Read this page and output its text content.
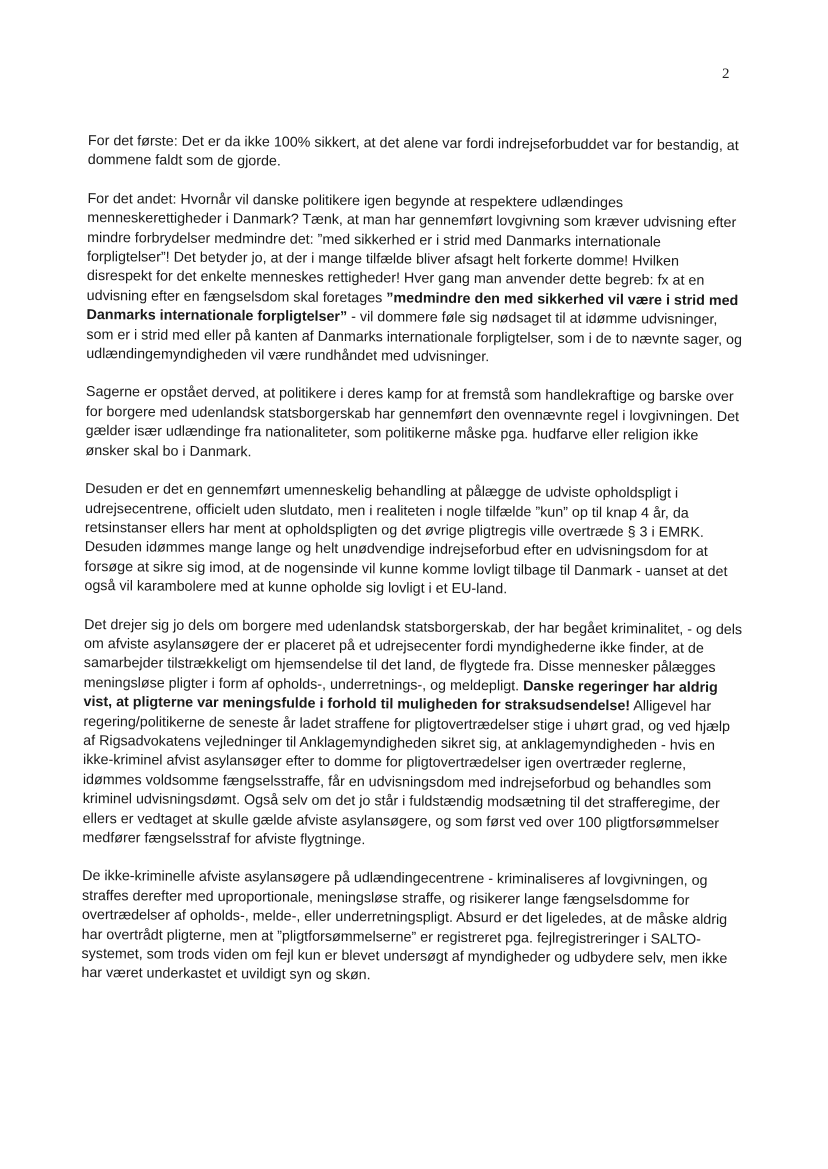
2

For det første: Det er da ikke 100% sikkert, at det alene var fordi indrejseforbuddet var for bestandig, at dommene faldt som de gjorde.

For det andet: Hvornår vil danske politikere igen begynde at respektere udlændinges menneskerettigheder i Danmark? Tænk, at man har gennemført lovgivning som kræver udvisning efter mindre forbrydelser medmindre det: ”med sikkerhed er i strid med Danmarks internationale forpligtelser”! Det betyder jo, at der i mange tilfælde bliver afsagt helt forkerte domme! Hvilken disrespekt for det enkelte menneskes rettigheder! Hver gang man anvender dette begreb: fx at en udvisning efter en fængselsdom skal foretages ”medmindre den med sikkerhed vil være i strid med Danmarks internationale forpligtelser” - vil dommere føle sig nødsaget til at idømme udvisninger, som er i strid med eller på kanten af Danmarks internationale forpligtelser, som i de to nævnte sager, og udlændingemyndigheden vil være rundhåndet med udvisninger.

Sagerne er opstået derved, at politikere i deres kamp for at fremstå som handlekraftige og barske over for borgere med udenlandsk statsborgerskab har gennemført den ovennævnte regel i lovgivningen. Det gælder især udlændinge fra nationaliteter, som politikerne måske pga. hudfarve eller religion ikke ønsker skal bo i Danmark.

Desuden er det en gennemført umenneskelig behandling at pålægge de udviste opholdspligt i udrejsecentrene, officielt uden slutdato, men i realiteten i nogle tilfælde ”kun” op til knap 4 år, da retsinstanser ellers har ment at opholdspligten og det øvrige pligtregis ville overtræde § 3 i EMRK. Desuden idømmes mange lange og helt unødvendige indrejseforbud efter en udvisningsdom for at forsøge at sikre sig imod, at de nogensinde vil kunne komme lovligt tilbage til Danmark - uanset at det også vil karambolere med at kunne opholde sig lovligt i et EU-land.

Det drejer sig jo dels om borgere med udenlandsk statsborgerskab, der har begået kriminalitet, - og dels om afviste asylansøgere der er placeret på et udrejsecenter fordi myndighederne ikke finder, at de samarbejder tilstrækkeligt om hjemsendelse til det land, de flygtede fra. Disse mennesker pålægges meningsløse pligter i form af opholds-, underretnings-, og meldepligt. Danske regeringer har aldrig vist, at pligterne var meningsfulde i forhold til muligheden for straksudsendelse! Alligevel har regering/politikerne de seneste år ladet straffene for pligtovertrædelser stige i uhørt grad, og ved hjælp af Rigsadvokatens vejledninger til Anklagemyndigheden sikret sig, at anklagemyndigheden - hvis en ikke-kriminel afvist asylansøger efter to domme for pligtovertrædelser igen overtræder reglerne, idømmes voldsomme fængselsstraffe, får en udvisningsdom med indrejseforbud og behandles som kriminel udvisningsdømt. Også selv om det jo står i fuldstændig modsætning til det strafferegime, der ellers er vedtaget at skulle gælde afviste asylansøgere, og som først ved over 100 pligtforsømmelser medfører fængselsstraf for afviste flygtninge.

De ikke-kriminelle afviste asylansøgere på udlændingecentrene - kriminaliseres af lovgivningen, og straffes derefter med uproportionale, meningsløse straffe, og risikerer lange fængselsdomme for overtrædelser af opholds-, melde-, eller underretningspligt. Absurd er det ligeledes, at de måske aldrig har overtrådt pligterne, men at ”pligtforsømmelserne” er registreret pga. fejlregistreringer i SALTO-systemet, som trods viden om fejl kun er blevet undersøgt af myndigheder og udbydere selv, men ikke har været underkastet et uvildigt syn og skøn.
